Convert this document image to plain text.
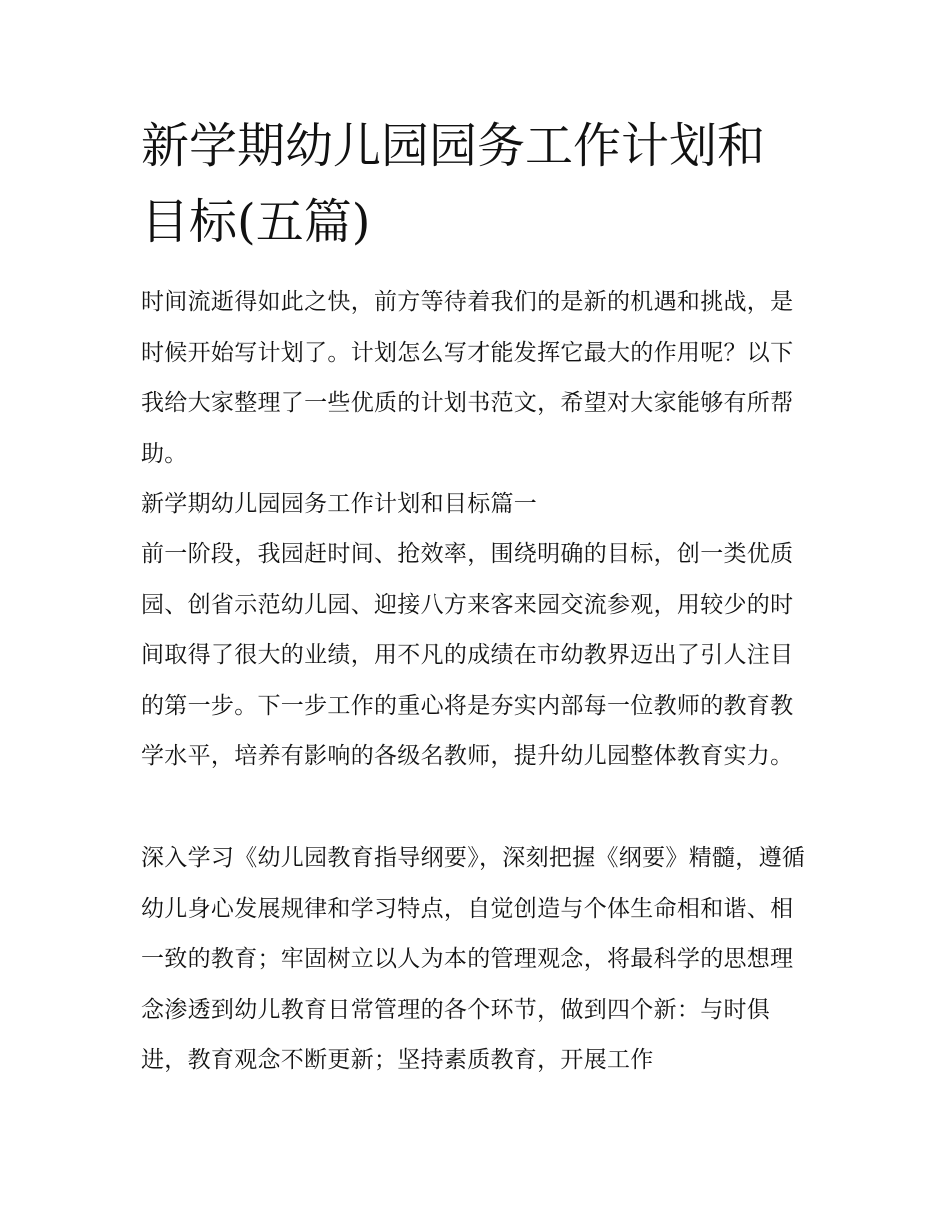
新学期幼儿园园务工作计划和目标(五篇)

时间流逝得如此之快，前方等待着我们的是新的机遇和挑战，是时候开始写计划了。计划怎么写才能发挥它最大的作用呢？以下我给大家整理了一些优质的计划书范文，希望对大家能够有所帮助。

新学期幼儿园园务工作计划和目标篇一

前一阶段，我园赶时间、抢效率，围绕明确的目标，创一类优质园、创省示范幼儿园、迎接八方来客来园交流参观，用较少的时间取得了很大的业绩，用不凡的成绩在市幼教界迈出了引人注目的第一步。下一步工作的重心将是夯实内部每一位教师的教育教学水平，培养有影响的各级名教师，提升幼儿园整体教育实力。

深入学习《幼儿园教育指导纲要》，深刻把握《纲要》精髓，遵循幼儿身心发展规律和学习特点，自觉创造与个体生命相和谐、相一致的教育；牢固树立以人为本的管理观念，将最科学的思想理念渗透到幼儿教育日常管理的各个环节，做到四个新：与时俱进，教育观念不断更新；坚持素质教育，开展工作
